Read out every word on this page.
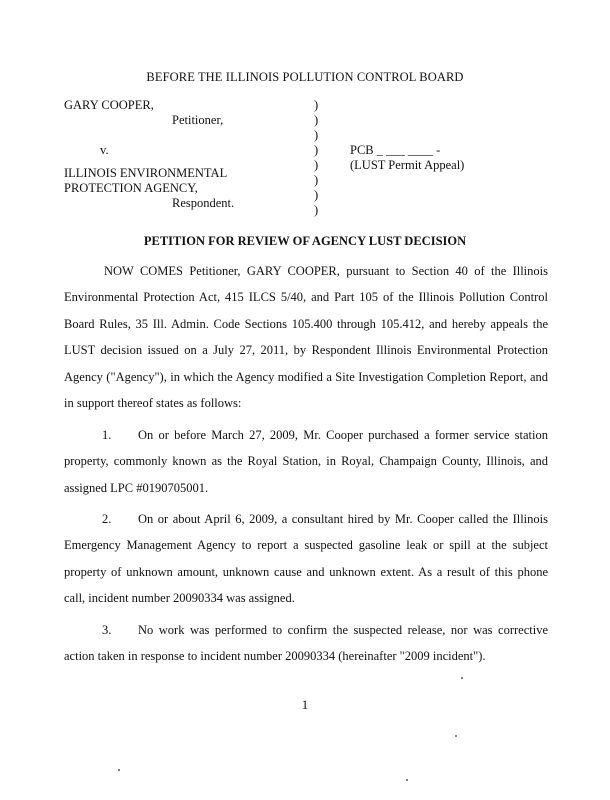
BEFORE THE ILLINOIS POLLUTION CONTROL BOARD
GARY COOPER,
Petitioner,
v.
ILLINOIS ENVIRONMENTAL
PROTECTION AGENCY,
Respondent.
)
)
)
)
)
)
)
)
PCB _ ___ ____ -
(LUST Permit Appeal)
PETITION FOR REVIEW OF AGENCY LUST DECISION

NOW COMES Petitioner, GARY COOPER, pursuant to Section 40 of the Illinois Environmental Protection Act, 415 ILCS 5/40, and Part 105 of the Illinois Pollution Control Board Rules, 35 Ill. Admin. Code Sections 105.400 through 105.412, and hereby appeals the LUST decision issued on a July 27, 2011, by Respondent Illinois Environmental Protection Agency ("Agency"), in which the Agency modified a Site Investigation Completion Report, and in support thereof states as follows:

1. On or before March 27, 2009, Mr. Cooper purchased a former service station property, commonly known as the Royal Station, in Royal, Champaign County, Illinois, and assigned LPC #0190705001.

2. On or about April 6, 2009, a consultant hired by Mr. Cooper called the Illinois Emergency Management Agency to report a suspected gasoline leak or spill at the subject property of unknown amount, unknown cause and unknown extent. As a result of this phone call, incident number 20090334 was assigned.

3. No work was performed to confirm the suspected release, nor was corrective action taken in response to incident number 20090334 (hereinafter "2009 incident").

1
